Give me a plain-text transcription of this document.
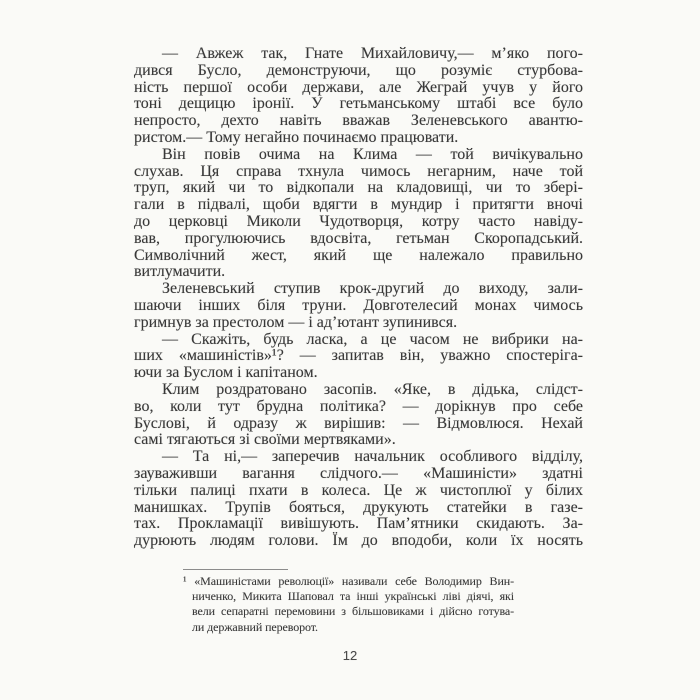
— Авжеж так, Гнате Михайловичу,— м’яко пого-
дився Бусло, демонструючи, що розуміє стурбова-
ність першої особи держави, але Жеграй учув у його
тоні дещицю іронії. У гетьманському штабі все було
непросто, дехто навіть вважав Зеленевського авантю-
ристом.— Тому негайно починаємо працювати.
Він повів очима на Клима — той вичікувально
слухав. Ця справа тхнула чимось негарним, наче той
труп, який чи то відкопали на кладовищі, чи то збері-
гали в підвалі, щоби вдягти в мундир і притягти вночі
до церковці Миколи Чудотворця, котру часто навіду-
вав, прогулюючись вдосвіта, гетьман Скоропадський.
Символічний жест, який ще належало правильно
витлумачити.
Зеленевський ступив крок-другий до виходу, зали-
шаючи інших біля труни. Довготелесий монах чимось
гримнув за престолом — і ад’ютант зупинився.
— Скажіть, будь ласка, а це часом не вибрики на-
ших «машиністів»¹? — запитав він, уважно спостеріга-
ючи за Буслом і капітаном.
Клим роздратовано засопів. «Яке, в дідька, слідст-
во, коли тут брудна політика? — дорікнув про себе
Буслові, й одразу ж вирішив: — Відмовлюся. Нехай
самі тягаються зі своїми мертвяками».
— Та ні,— заперечив начальник особливого відділу,
зауваживши вагання слідчого.— «Машиністи» здатні
тільки палиці пхати в колеса. Це ж чистоплюї у білих
манишках. Трупів бояться, друкують статейки в газе-
тах. Прокламації вивішують. Пам’ятники скидають. За-
дурюють людям голови. Їм до вподоби, коли їх носять
¹ «Машиністами революції» називали себе Володимир Вин-
ниченко, Микита Шаповал та інші українські ліві діячі, які
вели сепаратні перемовини з більшовиками і дійсно готува-
ли державний переворот.
12
